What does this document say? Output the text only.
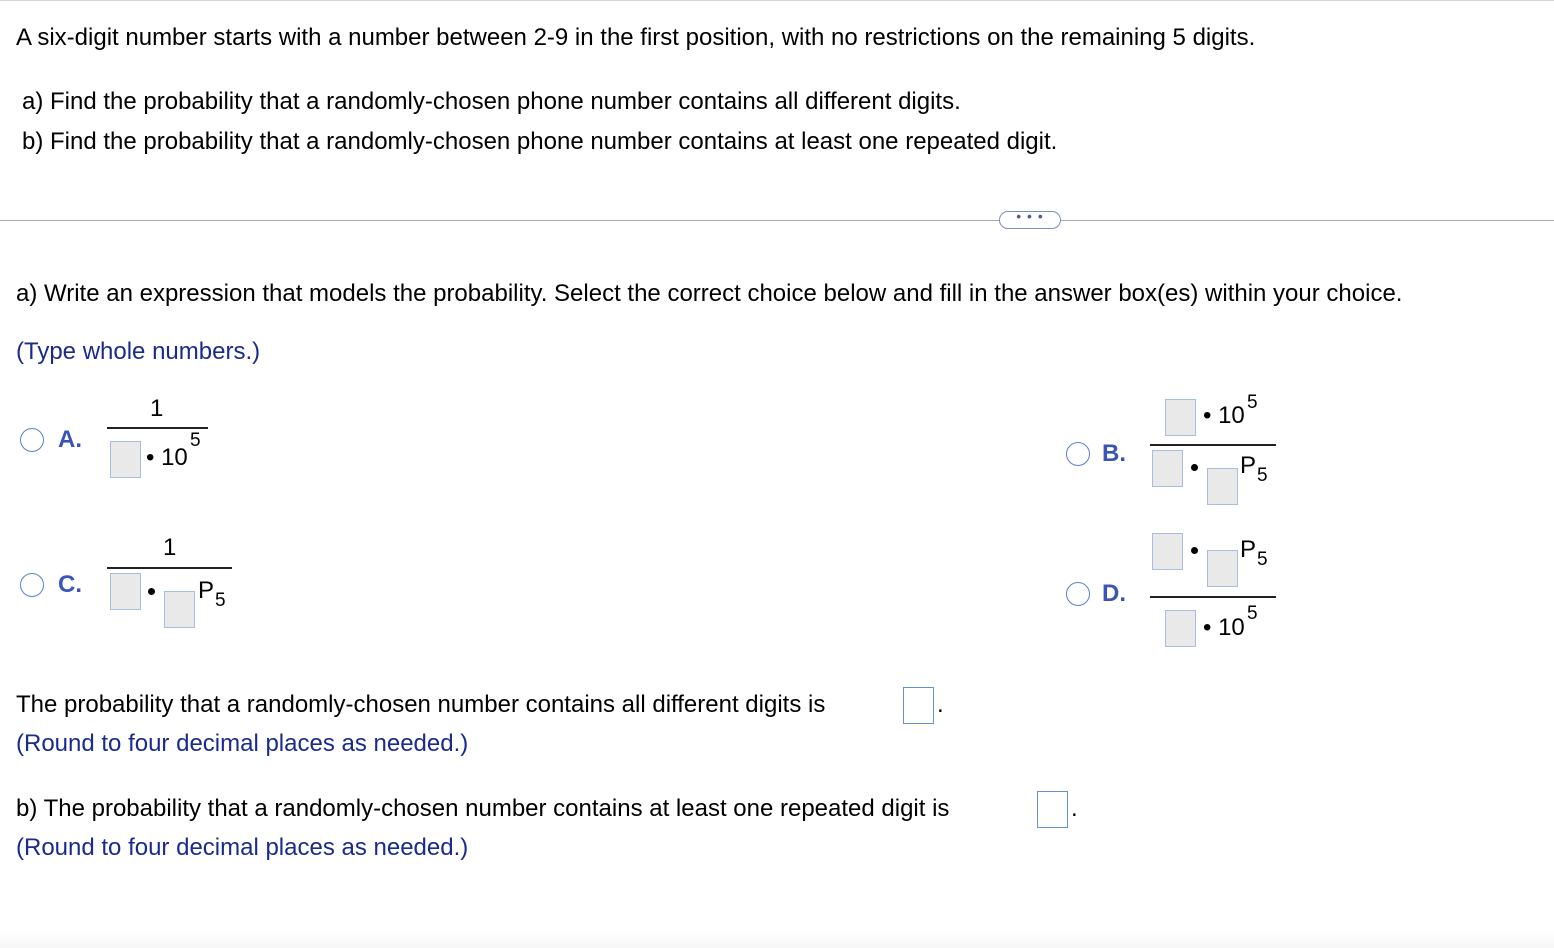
A six-digit number starts with a number between 2-9 in the first position, with no restrictions on the remaining 5 digits.
a) Find the probability that a randomly-chosen phone number contains all different digits.
b) Find the probability that a randomly-chosen phone number contains at least one repeated digit.
• • •
a) Write an expression that models the probability. Select the correct choice below and fill in the answer box(es) within your choice.
(Type whole numbers.)
A.
1
• 10
5	B.
• 10 5
P 5
C.
1
P 5	D.
P 5
• 10
5
The probability that a randomly-chosen number contains all different digits is	.
(Round to four decimal places as needed.)
b) The probability that a randomly-chosen number contains at least one repeated digit is	.
(Round to four decimal places as needed.)
